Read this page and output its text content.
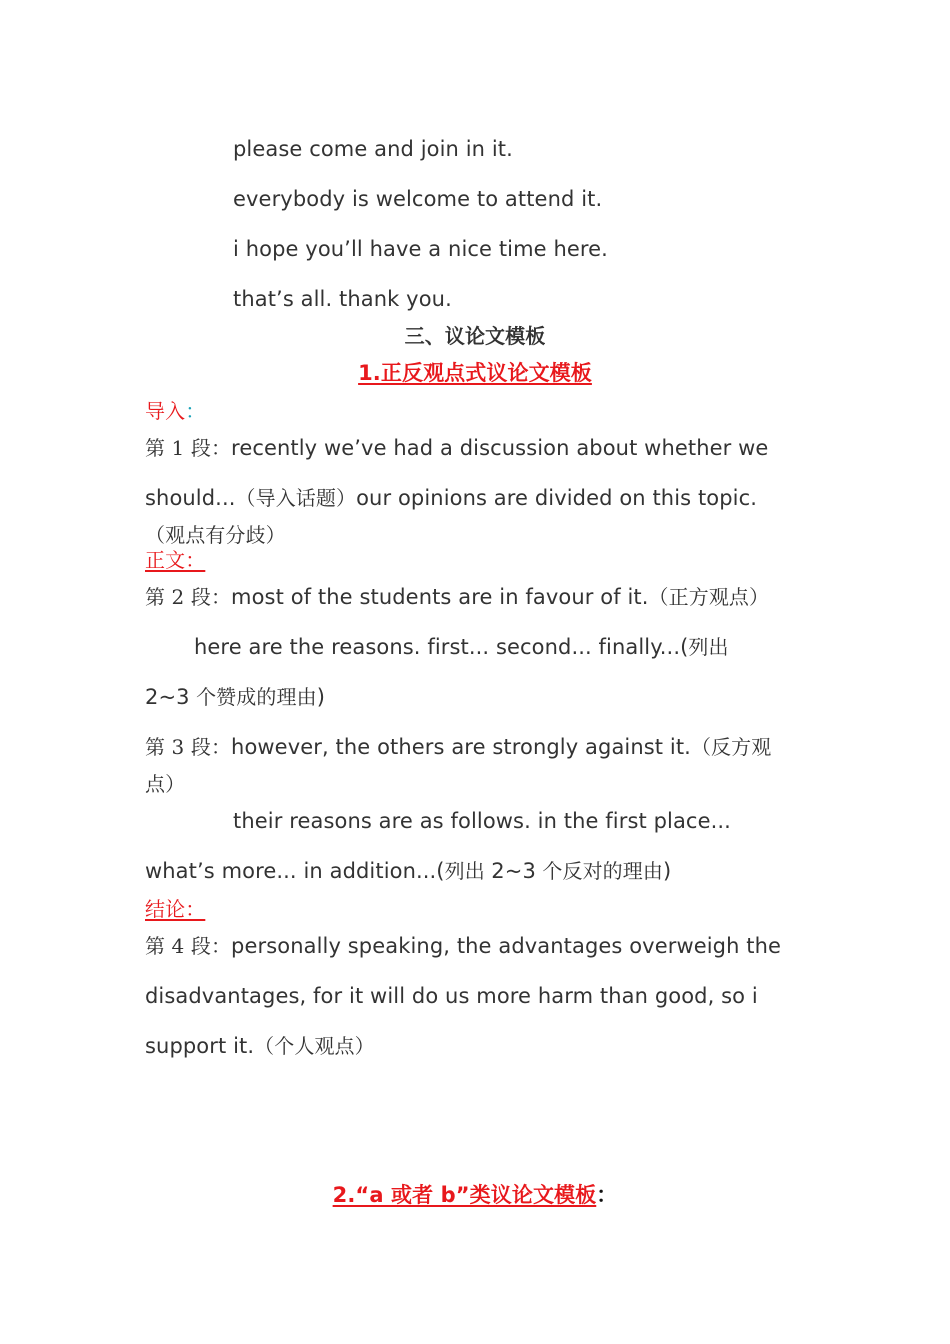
please come and join in it.
everybody is welcome to attend it.
i hope you’ll have a nice time here.
that’s all. thank you.
三、议论文模板
1.正反观点式议论文模板
导入：
第 1 段：recently we’ve had a discussion about whether we
should...（导入话题）our opinions are divided on this topic.
（观点有分歧）
正文：
第 2 段：most of the students are in favour of it.（正方观点）
here are the reasons. first... second... finally...(列出
2~3 个赞成的理由)
第 3 段：however, the others are strongly against it.（反方观
点）
their reasons are as follows. in the first place...
what’s more... in addition...(列出 2~3 个反对的理由)
结论：
第 4 段：personally speaking, the advantages overweigh the
disadvantages, for it will do us more harm than good, so i
support it.（个人观点）
2.“a 或者 b”类议论文模板：
